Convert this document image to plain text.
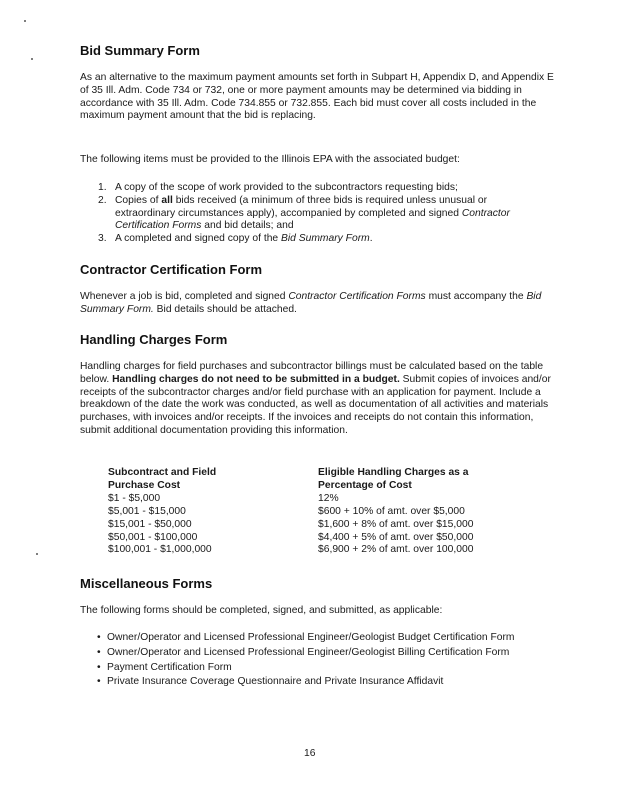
Bid Summary Form
As an alternative to the maximum payment amounts set forth in Subpart H, Appendix D, and Appendix E of 35 Ill. Adm. Code 734 or 732, one or more payment amounts may be determined via bidding in accordance with 35 Ill. Adm. Code 734.855 or 732.855. Each bid must cover all costs included in the maximum payment amount that the bid is replacing.
The following items must be provided to the Illinois EPA with the associated budget:
1. A copy of the scope of work provided to the subcontractors requesting bids;
2. Copies of all bids received (a minimum of three bids is required unless unusual or extraordinary circumstances apply), accompanied by completed and signed Contractor Certification Forms and bid details; and
3. A completed and signed copy of the Bid Summary Form.
Contractor Certification Form
Whenever a job is bid, completed and signed Contractor Certification Forms must accompany the Bid Summary Form. Bid details should be attached.
Handling Charges Form
Handling charges for field purchases and subcontractor billings must be calculated based on the table below. Handling charges do not need to be submitted in a budget. Submit copies of invoices and/or receipts of the subcontractor charges and/or field purchase with an application for payment. Include a breakdown of the date the work was conducted, as well as documentation of all activities and materials purchases, with invoices and/or receipts. If the invoices and receipts do not contain this information, submit additional documentation providing this information.
Subcontract and Field
Purchase Cost
$1 - $5,000
$5,001 - $15,000
$15,001 - $50,000
$50,001 - $100,000
$100,001 - $1,000,000
Eligible Handling Charges as a
Percentage of Cost
12%
$600 + 10% of amt. over $5,000
$1,600 + 8% of amt. over $15,000
$4,400 + 5% of amt. over $50,000
$6,900 + 2% of amt. over 100,000
Miscellaneous Forms
The following forms should be completed, signed, and submitted, as applicable:
• Owner/Operator and Licensed Professional Engineer/Geologist Budget Certification Form
• Owner/Operator and Licensed Professional Engineer/Geologist Billing Certification Form
• Payment Certification Form
• Private Insurance Coverage Questionnaire and Private Insurance Affidavit
16
